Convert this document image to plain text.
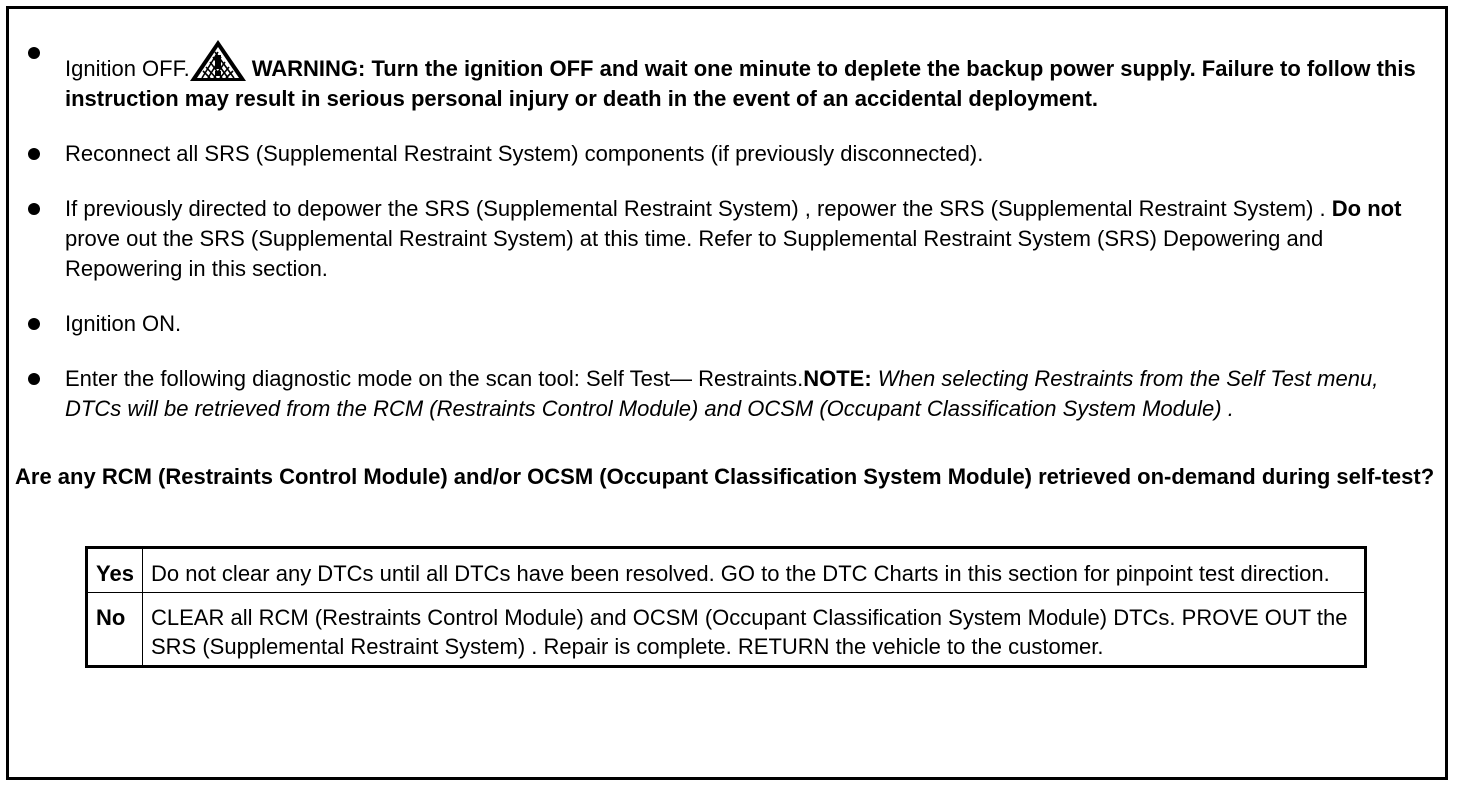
Ignition OFF.	WARNING: Turn the ignition OFF and wait one minute to deplete the backup power supply. Failure to follow this instruction may result in serious personal injury or death in the event of an accidental deployment.
Reconnect all SRS (Supplemental Restraint System) components (if previously disconnected).
If previously directed to depower the SRS (Supplemental Restraint System) , repower the SRS (Supplemental Restraint System) . Do not prove out the SRS (Supplemental Restraint System) at this time. Refer to Supplemental Restraint System (SRS) Depowering and Repowering in this section.
Ignition ON.
Enter the following diagnostic mode on the scan tool: Self Test— Restraints.NOTE: When selecting Restraints from the Self Test menu, DTCs will be retrieved from the RCM (Restraints Control Module) and OCSM (Occupant Classification System Module) .

Are any RCM (Restraints Control Module) and/or OCSM (Occupant Classification System Module) retrieved on-demand during self-test?

Yes	Do not clear any DTCs until all DTCs have been resolved. GO to the DTC Charts in this section for pinpoint test direction.
No	CLEAR all RCM (Restraints Control Module) and OCSM (Occupant Classification System Module) DTCs. PROVE OUT the SRS (Supplemental Restraint System) . Repair is complete. RETURN the vehicle to the customer.
